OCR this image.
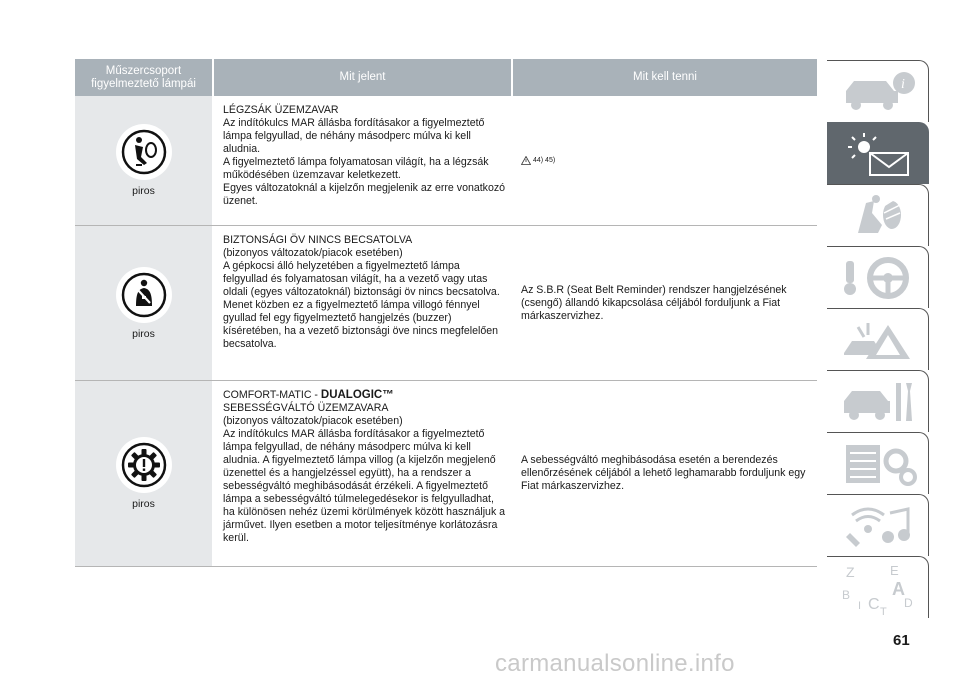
Műszercsoport figyelmeztető lámpái
Mit jelent	Mit kell tenni
piros
LÉGZSÁK ÜZEMZAVAR
Az indítókulcs MAR állásba fordításakor a figyelmeztető lámpa felgyullad, de néhány másodperc múlva ki kell aludnia.
A figyelmeztető lámpa folyamatosan világít, ha a légzsák működésében üzemzavar keletkezett.
Egyes változatoknál a kijelzőn megjelenik az erre vonatkozó üzenet.
44) 45)
piros
BIZTONSÁGI ÖV NINCS BECSATOLVA
(bizonyos változatok/piacok esetében)
A gépkocsi álló helyzetében a figyelmeztető lámpa felgyullad és folyamatosan világít, ha a vezető vagy utas oldali (egyes változatoknál) biztonsági öv nincs becsatolva.
Menet közben ez a figyelmeztető lámpa villogó fénnyel gyullad fel egy figyelmeztető hangjelzés (buzzer) kíséretében, ha a vezető biztonsági öve nincs megfelelően becsatolva.
Az S.B.R (Seat Belt Reminder) rendszer hangjelzésének (csengő) állandó kikapcsolása céljából forduljunk a Fiat márkaszervizhez.
piros
COMFORT-MATIC - DUALOGIC™
SEBESSÉGVÁLTÓ ÜZEMZAVARA
(bizonyos változatok/piacok esetében)
Az indítókulcs MAR állásba fordításakor a figyelmeztető lámpa felgyullad, de néhány másodperc múlva ki kell aludnia. A figyelmeztető lámpa villog (a kijelzőn megjelenő üzenettel és a hangjelzéssel együtt), ha a rendszer a sebességváltó meghibásodását érzékeli. A figyelmeztető lámpa a sebességváltó túlmelegedésekor is felgyulladhat, ha különösen nehéz üzemi körülmények között használjuk a járművet. Ilyen esetben a motor teljesítménye korlátozásra kerül.
A sebességváltó meghibásodása esetén a berendezés ellenőrzésének céljából a lehető leghamarabb forduljunk egy Fiat márkaszervizhez.
i
Z	E
A
B
C D
I T
61
carmanualsonline.info
